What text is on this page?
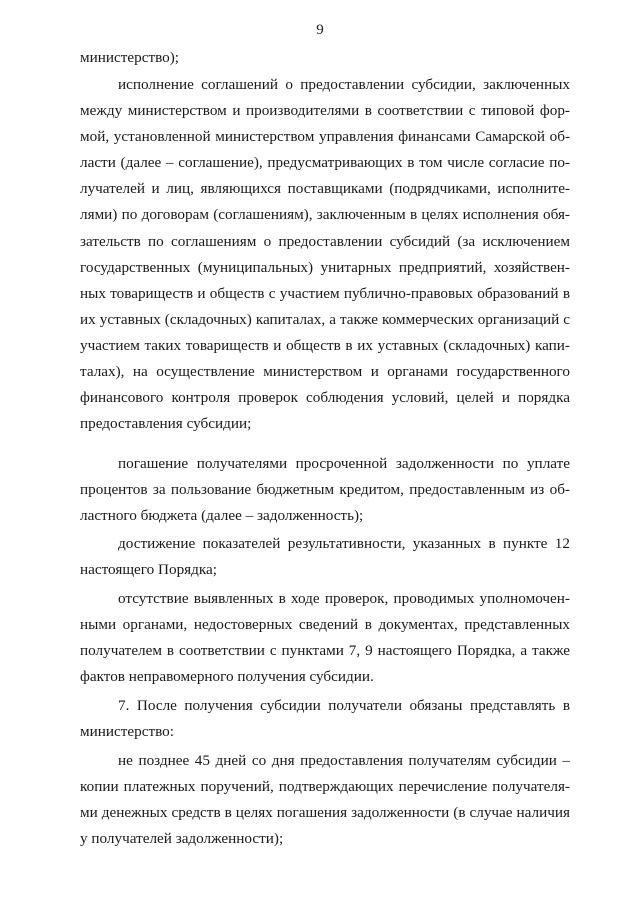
9
министерство);
исполнение соглашений о предоставлении субсидии, заключенных
между министерством и производителями в соответствии с типовой фор-
мой, установленной министерством управления финансами Самарской об-
ласти (далее – соглашение), предусматривающих в том числе согласие по-
лучателей и лиц, являющихся поставщиками (подрядчиками, исполните-
лями) по договорам (соглашениям), заключенным в целях исполнения обя-
зательств по соглашениям о предоставлении субсидий (за исключением
государственных (муниципальных) унитарных предприятий, хозяйствен-
ных товариществ и обществ с участием публично-правовых образований в
их уставных (складочных) капиталах, а также коммерческих организаций с
участием таких товариществ и обществ в их уставных (складочных) капи-
талах), на осуществление министерством и органами государственного
финансового контроля проверок соблюдения условий, целей и порядка
предоставления субсидии;
погашение получателями просроченной задолженности по уплате
процентов за пользование бюджетным кредитом, предоставленным из об-
ластного бюджета (далее – задолженность);
достижение показателей результативности, указанных в пункте 12
настоящего Порядка;
отсутствие выявленных в ходе проверок, проводимых уполномочен-
ными органами, недостоверных сведений в документах, представленных
получателем в соответствии с пунктами 7, 9 настоящего Порядка, а также
фактов неправомерного получения субсидии.
7. После получения субсидии получатели обязаны представлять в
министерство:
не позднее 45 дней со дня предоставления получателям субсидии –
копии платежных поручений, подтверждающих перечисление получателя-
ми денежных средств в целях погашения задолженности (в случае наличия
у получателей задолженности);
